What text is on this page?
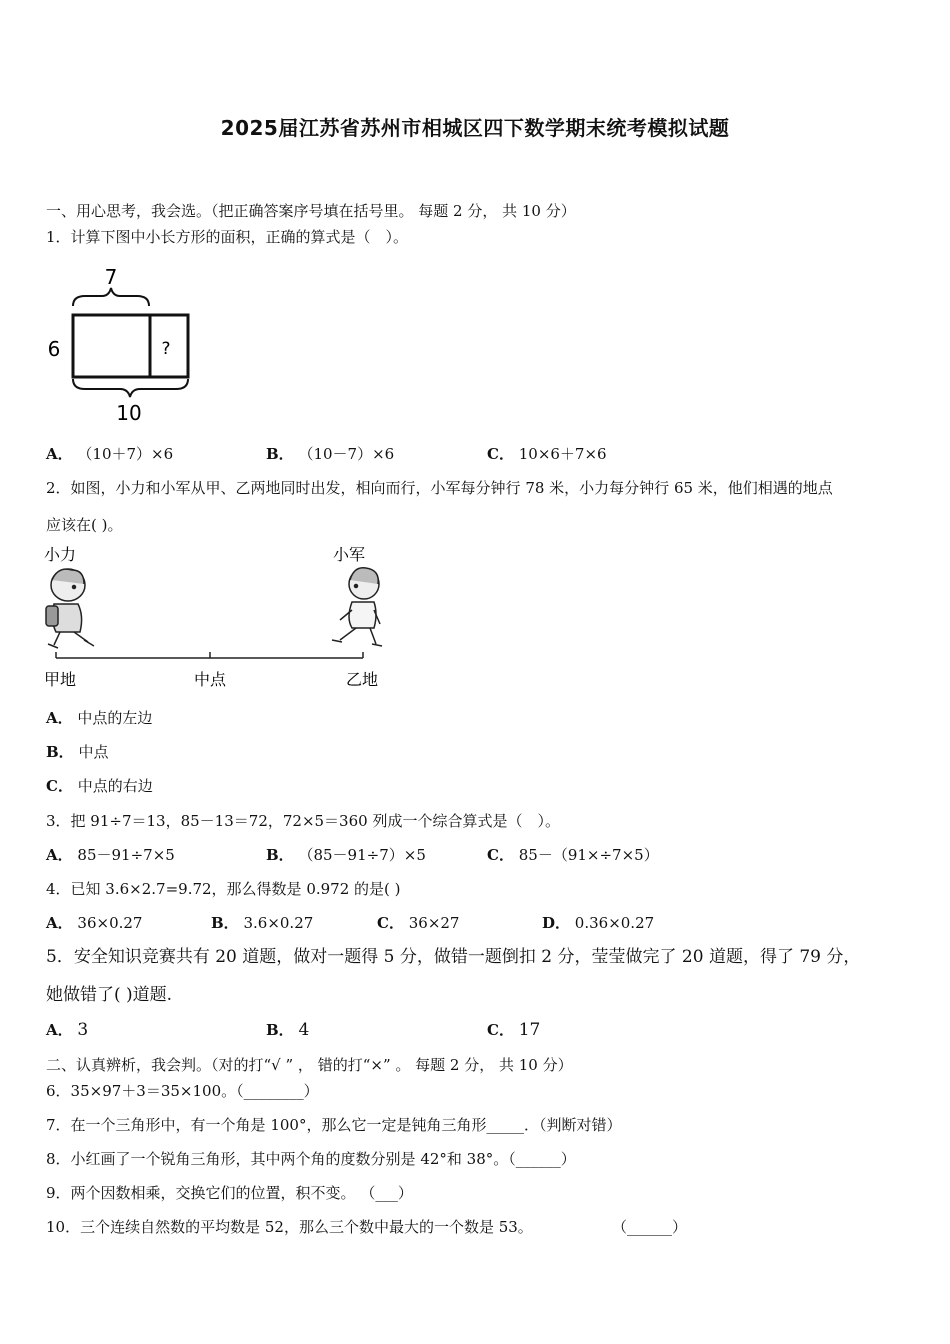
2025届江苏省苏州市相城区四下数学期末统考模拟试题
一、用心思考，我会选。（把正确答案序号填在括号里。 每题 2 分， 共 10 分）
1．计算下图中小长方形的面积，正确的算式是（　）。
7
?
6
10
A． （10＋7）×6	B． （10－7）×6	C． 10×6＋7×6
2．如图，小力和小军从甲、乙两地同时出发，相向而行，小军每分钟行 78 米，小力每分钟行 65 米，他们相遇的地点
应该在( )。
小力	小军
甲地	中点	乙地
A． 中点的左边
B． 中点
C． 中点的右边
3．把 91÷7＝13，85－13＝72，72×5＝360 列成一个综合算式是（　）。
A． 85－91÷7×5	B． （85－91÷7）×5	C． 85－（91×÷7×5）
4．已知 3.6×2.7=9.72，那么得数是 0.972 的是( )
A． 36×0.27	B． 3.6×0.27	C． 36×27	D． 0.36×0.27
5．安全知识竞赛共有 20 道题，做对一题得 5 分，做错一题倒扣 2 分，莹莹做完了 20 道题，得了 79 分，
她做错了( )道题.
A． 3	B． 4	C． 17
二、认真辨析，我会判。（对的打“√ ” ， 错的打“×” 。 每题 2 分， 共 10 分）
6．35×97＋3＝35×100。（________）
7．在一个三角形中，有一个角是 100°，那么它一定是钝角三角形_____．（判断对错）
8．小红画了一个锐角三角形，其中两个角的度数分别是 42°和 38°。（______）
9．两个因数相乘，交换它们的位置，积不变。 （___）
10．三个连续自然数的平均数是 52，那么三个数中最大的一个数是 53。	（______）
